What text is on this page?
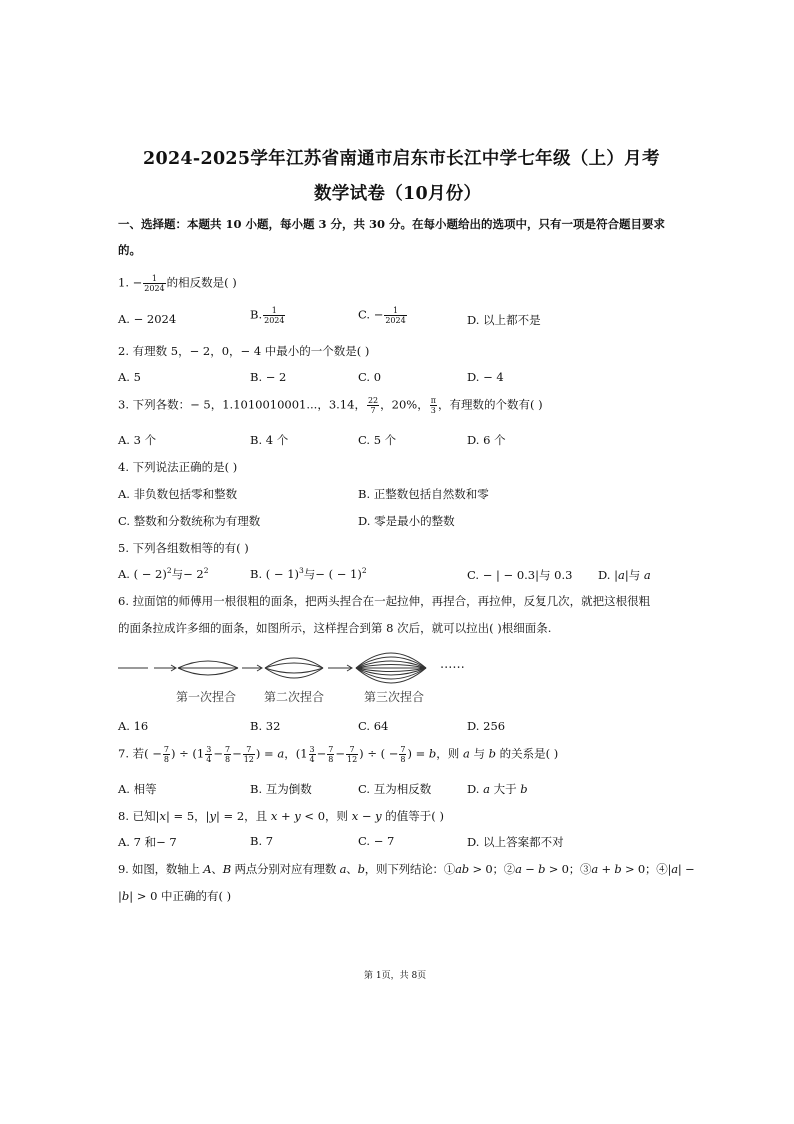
2024-2025学年江苏省南通市启东市长江中学七年级（上）月考
数学试卷（10月份）
一、选择题：本题共 10 小题，每小题 3 分，共 30 分。在每小题给出的选项中，只有一项是符合题目要求
的。
1. − $\frac{1}{2024}$ 的相反数是( )
A. − 2024	B. $\frac{1}{2024}$	C. − $\frac{1}{2024}$	D. 以上都不是
2. 有理数 5，− 2，0，− 4 中最小的一个数是( )
A. 5	B. − 2	C. 0	D. − 4
3. 下列各数：− 5，1.1010010001...，3.14， $\frac{22}{7}$ ，20%， $\frac{\pi}{3}$ ，有理数的个数有( )
A. 3 个	B. 4 个	C. 5 个	D. 6 个
4. 下列说法正确的是( )
A. 非负数包括零和整数	B. 正整数包括自然数和零
C. 整数和分数统称为有理数	D. 零是最小的整数
5. 下列各组数相等的有( )
A. ( − 2)$^2$与− $2^2$	B. ( − 1)$^3$与− ( − 1)$^2$	C. − | − 0.3|与 0.3 D. |a|与 a
6. 拉面馆的师傅用一根很粗的面条，把两头捏合在一起拉伸，再捏合，再拉伸，反复几次，就把这根很粗
的面条拉成许多细的面条，如图所示，这样捏合到第 8 次后，就可以拉出( )根细面条.
······
第一次捏合 第二次捏合	第三次捏合
A. 16	B. 32	C. 64	D. 256
7. 若( − $\frac{7}{8}$ ) ÷ ($1 \frac{3}{4} - \frac{7}{8} - \frac{7}{12}$ ) = a，($1 \frac{3}{4} - \frac{7}{8} - \frac{7}{12}$ ) ÷ ( − $\frac{7}{8}$ ) = b，则 a 与 b 的关系是( )
A. 相等	B. 互为倒数	C. 互为相反数	D. a 大于 b
8. 已知|x| = 5，|y| = 2，且 x + y < 0，则 x − y 的值等于( )
A. 7 和− 7	B. 7	C. − 7	D. 以上答案都不对
9. 如图，数轴上 A、B 两点分别对应有理数 a、b，则下列结论：①ab > 0；②a − b > 0；③a + b > 0；④|a| −
|b| > 0 中正确的有( )
第 1页，共 8页
